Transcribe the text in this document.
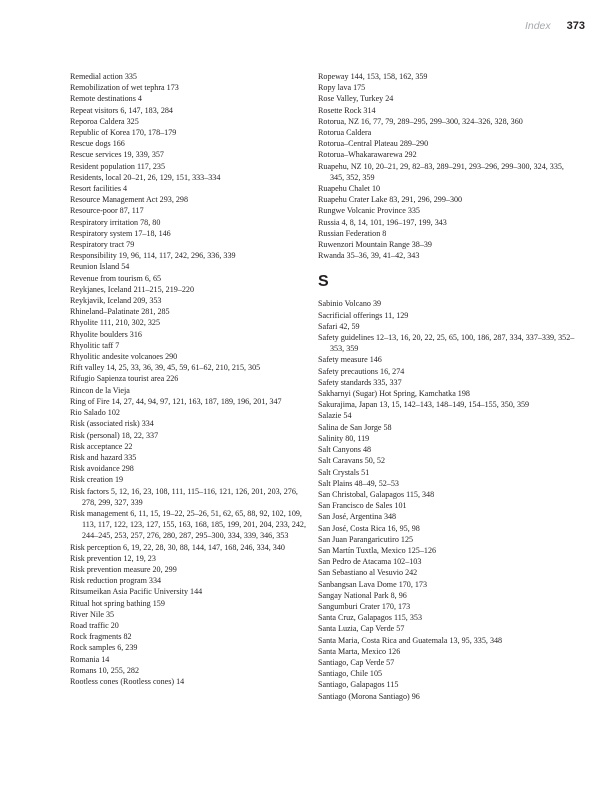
Index 373
Remedial action 335
Remobilization of wet tephra 173
Remote destinations 4
Repeat visitors 6, 147, 183, 284
Reporoa Caldera 325
Republic of Korea 170, 178–179
Rescue dogs 166
Rescue services 19, 339, 357
Resident population 117, 235
Residents, local 20–21, 26, 129, 151, 333–334
Resort facilities 4
Resource Management Act 293, 298
Resource-poor 87, 117
Respiratory irritation 78, 80
Respiratory system 17–18, 146
Respiratory tract 79
Responsibility 19, 96, 114, 117, 242, 296, 336, 339
Reunion Island 54
Revenue from tourism 6, 65
Reykjanes, Iceland 211–215, 219–220
Reykjavik, Iceland 209, 353
Rhineland–Palatinate 281, 285
Rhyolite 111, 210, 302, 325
Rhyolite boulders 316
Rhyolitic taff 7
Rhyolitic andesite volcanoes 290
Rift valley 14, 25, 33, 36, 39, 45, 59, 61–62, 210, 215, 305
Rifugio Sapienza tourist area 226
Rincon de la Vieja
Ring of Fire 14, 27, 44, 94, 97, 121, 163, 187, 189, 196, 201, 347
Rio Salado 102
Risk (associated risk) 334
Risk (personal) 18, 22, 337
Risk acceptance 22
Risk and hazard 335
Risk avoidance 298
Risk creation 19
Risk factors 5, 12, 16, 23, 108, 111, 115–116, 121, 126, 201, 203, 276, 278, 299, 327, 339
Risk management 6, 11, 15, 19–22, 25–26, 51, 62, 65, 88, 92, 102, 109, 113, 117, 122, 123, 127, 155, 163, 168, 185, 199, 201, 204, 233, 242, 244–245, 253, 257, 276, 280, 287, 295–300, 334, 339, 346, 353
Risk perception 6, 19, 22, 28, 30, 88, 144, 147, 168, 246, 334, 340
Risk prevention 12, 19, 23
Risk prevention measure 20, 299
Risk reduction program 334
Ritsumeikan Asia Pacific University 144
Ritual hot spring bathing 159
River Nile 35
Road traffic 20
Rock fragments 82
Rock samples 6, 239
Romania 14
Romans 10, 255, 282
Rootless cones (Rootless cones) 14
Ropeway 144, 153, 158, 162, 359
Ropy lava 175
Rose Valley, Turkey 24
Rosette Rock 314
Rotorua, NZ 16, 77, 79, 289–295, 299–300, 324–326, 328, 360
Rotorua Caldera
Rotorua–Central Plateau 289–290
Rotorua–Whakarawarewa 292
Ruapehu, NZ 10, 20–21, 29, 82–83, 289–291, 293–296, 299–300, 324, 335, 345, 352, 359
Ruapehu Chalet 10
Ruapehu Crater Lake 83, 291, 296, 299–300
Rungwe Volcanic Province 335
Russia 4, 8, 14, 101, 196–197, 199, 343
Russian Federation 8
Ruwenzori Mountain Range 38–39
Rwanda 35–36, 39, 41–42, 343
S
Sabinio Volcano 39
Sacrificial offerings 11, 129
Safari 42, 59
Safety guidelines 12–13, 16, 20, 22, 25, 65, 100, 186, 287, 334, 337–339, 352–353, 359
Safety measure 146
Safety precautions 16, 274
Safety standards 335, 337
Sakharnyi (Sugar) Hot Spring, Kamchatka 198
Sakurajima, Japan 13, 15, 142–143, 148–149, 154–155, 350, 359
Salazie 54
Salina de San Jorge 58
Salinity 80, 119
Salt Canyons 48
Salt Caravans 50, 52
Salt Crystals 51
Salt Plains 48–49, 52–53
San Christobal, Galapagos 115, 348
San Francisco de Sales 101
San José, Argentina 348
San José, Costa Rica 16, 95, 98
San Juan Parangaricutiro 125
San Martín Tuxtla, Mexico 125–126
San Pedro de Atacama 102–103
San Sebastiano al Vesuvio 242
Sanbangsan Lava Dome 170, 173
Sangay National Park 8, 96
Sangumburi Crater 170, 173
Santa Cruz, Galapagos 115, 353
Santa Luzia, Cap Verde 57
Santa Maria, Costa Rica and Guatemala 13, 95, 335, 348
Santa Marta, Mexico 126
Santiago, Cap Verde 57
Santiago, Chile 105
Santiago, Galapagos 115
Santiago (Morona Santiago) 96
